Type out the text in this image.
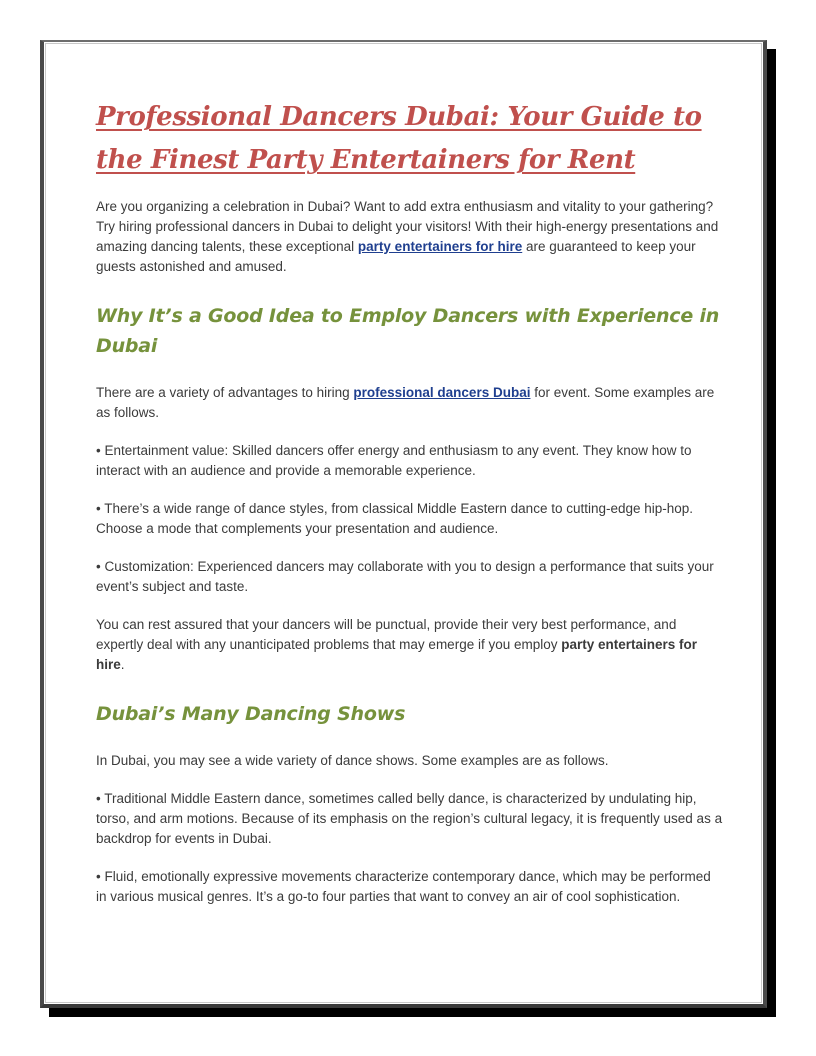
Professional Dancers Dubai: Your Guide to the Finest Party Entertainers for Rent

Are you organizing a celebration in Dubai? Want to add extra enthusiasm and vitality to your gathering? Try hiring professional dancers in Dubai to delight your visitors! With their high-energy presentations and amazing dancing talents, these exceptional party entertainers for hire are guaranteed to keep your guests astonished and amused.

Why It’s a Good Idea to Employ Dancers with Experience in Dubai

There are a variety of advantages to hiring professional dancers Dubai for event. Some examples are as follows.

• Entertainment value: Skilled dancers offer energy and enthusiasm to any event. They know how to interact with an audience and provide a memorable experience.

• There’s a wide range of dance styles, from classical Middle Eastern dance to cutting-edge hip-hop. Choose a mode that complements your presentation and audience.

• Customization: Experienced dancers may collaborate with you to design a performance that suits your event’s subject and taste.

You can rest assured that your dancers will be punctual, provide their very best performance, and expertly deal with any unanticipated problems that may emerge if you employ party entertainers for hire.

Dubai’s Many Dancing Shows

In Dubai, you may see a wide variety of dance shows. Some examples are as follows.

• Traditional Middle Eastern dance, sometimes called belly dance, is characterized by undulating hip, torso, and arm motions. Because of its emphasis on the region’s cultural legacy, it is frequently used as a backdrop for events in Dubai.

• Fluid, emotionally expressive movements characterize contemporary dance, which may be performed in various musical genres. It’s a go-to four parties that want to convey an air of cool sophistication.
